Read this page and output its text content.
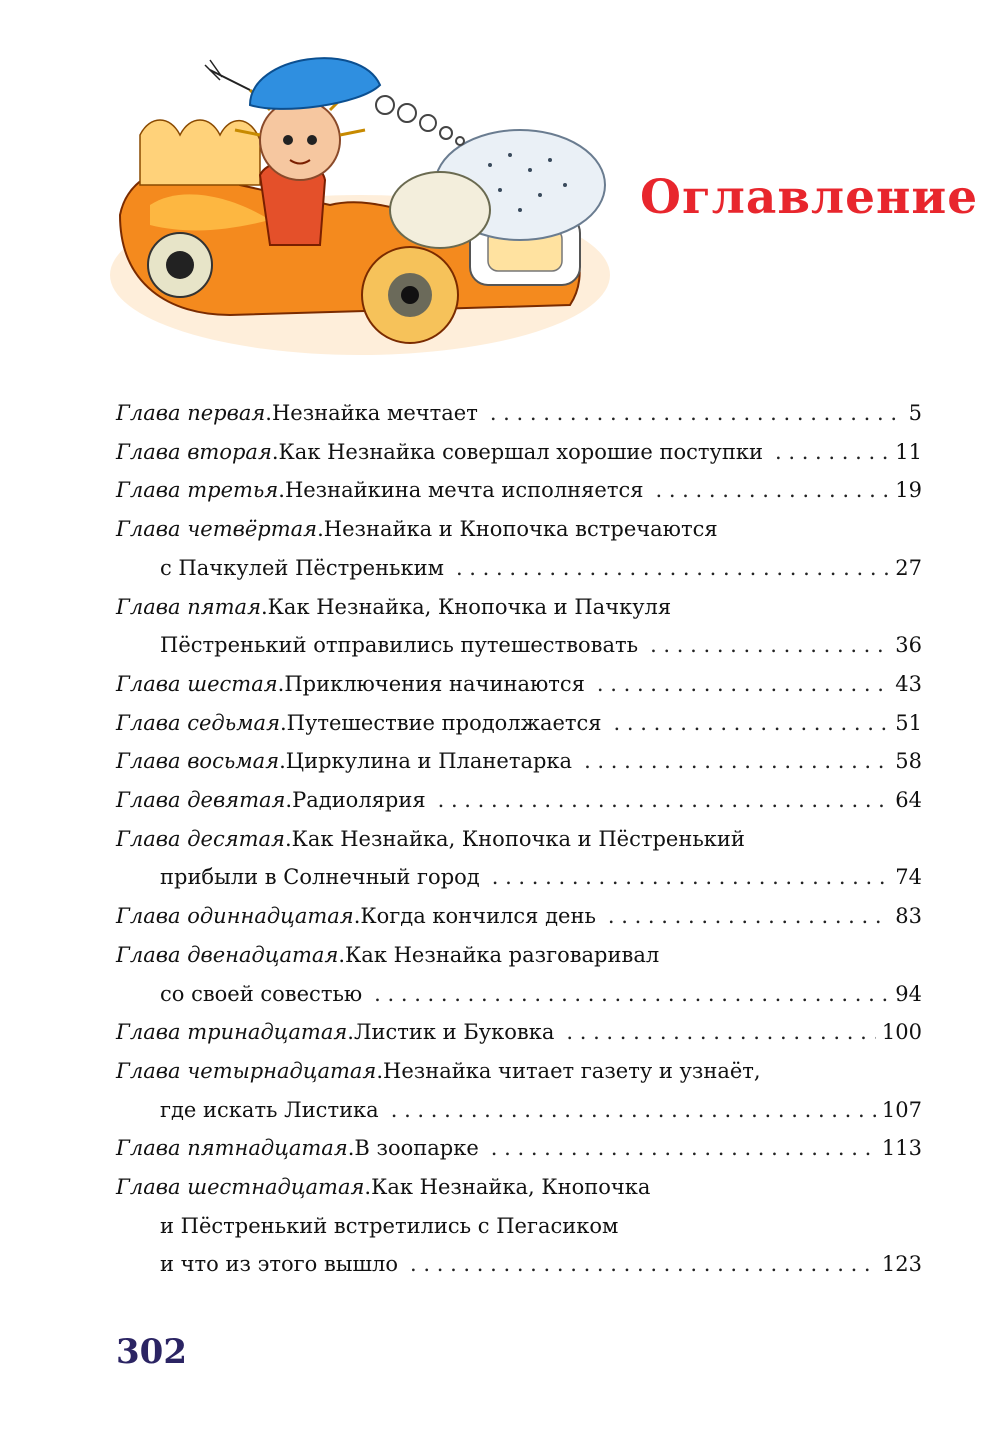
Оглавление
Глава первая . Незнайка мечтает . . .	5
Глава вторая . Как Незнайка совершал хорошие поступки . . .	11
Глава третья . Незнайкина мечта исполняется . . .	19
Глава четвёртая . Незнайка и Кнопочка встречаются
с Пачкулей Пёстреньким . . .	27
Глава пятая . Как Незнайка, Кнопочка и Пачкуля
Пёстренький отправились путешествовать . . .	36
Глава шестая . Приключения начинаются . . .	43
Глава седьмая . Путешествие продолжается . . .	51
Глава восьмая . Циркулина и Планетарка . . .	58
Глава девятая . Радиолярия . . .	64
Глава десятая . Как Незнайка, Кнопочка и Пёстренький
прибыли в Солнечный город . . .	74
Глава одиннадцатая . Когда кончился день . . .	83
Глава двенадцатая . Как Незнайка разговаривал
со своей совестью . . .	94
Глава тринадцатая . Листик и Буковка . . .	100
Глава четырнадцатая . Незнайка читает газету и узнаёт,
где искать Листика . . .	107
Глава пятнадцатая . В зоопарке . . .	113
Глава шестнадцатая . Как Незнайка, Кнопочка
и Пёстренький встретились с Пегасиком
и что из этого вышло . . .	123
302
